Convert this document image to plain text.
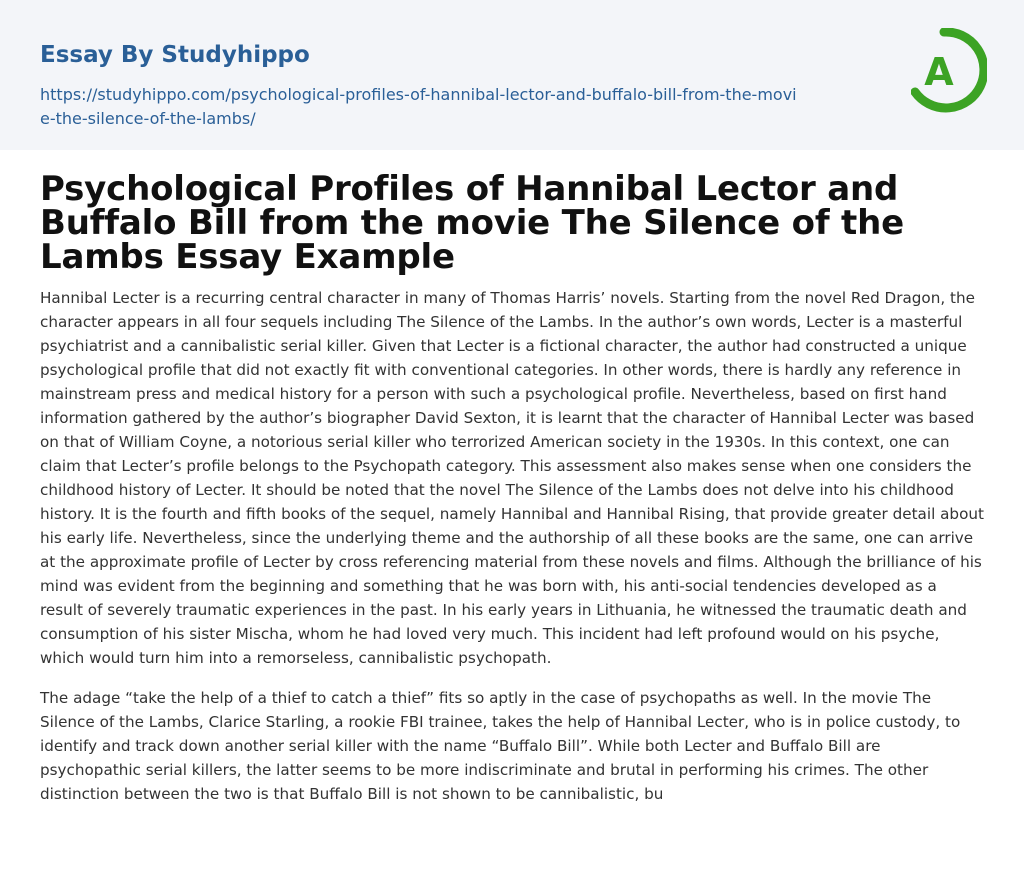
Essay By Studyhippo
https://studyhippo.com/psychological-profiles-of-hannibal-lector-and-buffalo-bill-from-the-movie-the-silence-of-the-lambs/
A
Psychological Profiles of Hannibal Lector and Buffalo Bill from the movie The Silence of the Lambs Essay Example

Hannibal Lecter is a recurring central character in many of Thomas Harris’ novels. Starting from the novel Red Dragon, the character appears in all four sequels including The Silence of the Lambs. In the author’s own words, Lecter is a masterful psychiatrist and a cannibalistic serial killer. Given that Lecter is a fictional character, the author had constructed a unique psychological profile that did not exactly fit with conventional categories. In other words, there is hardly any reference in mainstream press and medical history for a person with such a psychological profile. Nevertheless, based on first hand information gathered by the author’s biographer David Sexton, it is learnt that the character of Hannibal Lecter was based on that of William Coyne, a notorious serial killer who terrorized American society in the 1930s. In this context, one can claim that Lecter’s profile belongs to the Psychopath category. This assessment also makes sense when one considers the childhood history of Lecter. It should be noted that the novel The Silence of the Lambs does not delve into his childhood history. It is the fourth and fifth books of the sequel, namely Hannibal and Hannibal Rising, that provide greater detail about his early life. Nevertheless, since the underlying theme and the authorship of all these books are the same, one can arrive at the approximate profile of Lecter by cross referencing material from these novels and films. Although the brilliance of his mind was evident from the beginning and something that he was born with, his anti-social tendencies developed as a result of severely traumatic experiences in the past. In his early years in Lithuania, he witnessed the traumatic death and consumption of his sister Mischa, whom he had loved very much. This incident had left profound would on his psyche, which would turn him into a remorseless, cannibalistic psychopath.

The adage “take the help of a thief to catch a thief” fits so aptly in the case of psychopaths as well. In the movie The Silence of the Lambs, Clarice Starling, a rookie FBI trainee, takes the help of Hannibal Lecter, who is in police custody, to identify and track down another serial killer with the name “Buffalo Bill”. While both Lecter and Buffalo Bill are psychopathic serial killers, the latter seems to be more indiscriminate and brutal in performing his crimes. The other distinction between the two is that Buffalo Bill is not shown to be cannibalistic, bu
